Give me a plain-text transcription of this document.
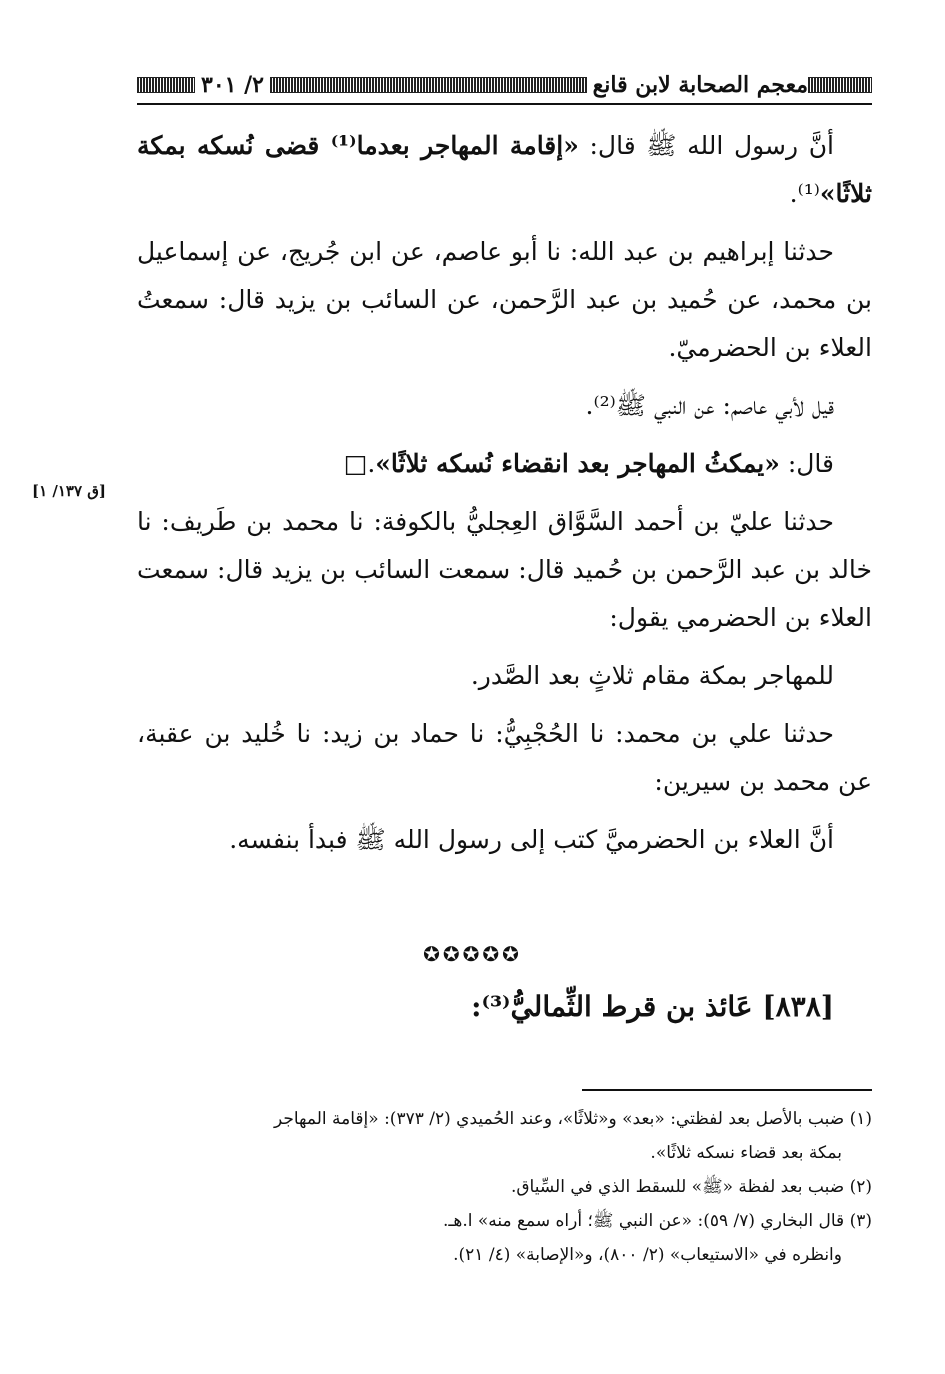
معجم الصحابة لابن قانع
٢/ ٣٠١

أنَّ رسول الله ﷺ قال: «إقامة المهاجر بعدما⁽¹⁾ قضى نُسكه بمكة ثلاثًا»⁽¹⁾.

حدثنا إبراهيم بن عبد الله: نا أبو عاصم، عن ابن جُريج، عن إسماعيل بن محمد، عن حُميد بن عبد الرَّحمن، عن السائب بن يزيد قال: سمعتُ العلاء بن الحضرميّ.

قيل لأبي عاصم: عن النبي ﷺ⁽²⁾.

قال: «يمكثُ المهاجر بعد انقضاء نُسكه ثلاثًا».□

حدثنا عليّ بن أحمد السَّوَّاق العِجليُّ بالكوفة: نا محمد بن طَريف: نا خالد بن عبد الرَّحمن بن حُميد قال: سمعت السائب بن يزيد قال: سمعت العلاء بن الحضرمي يقول:

للمهاجر بمكة مقام ثلاثٍ بعد الصَّدر.

حدثنا علي بن محمد: نا الحُجْبِيُّ: نا حماد بن زيد: نا خُليد بن عقبة، عن محمد بن سيرين:

أنَّ العلاء بن الحضرميَّ كتب إلى رسول الله ﷺ فبدأ بنفسه.

[ق ١٣٧/ ١]
✪✪✪✪✪
[٨٣٨] عَائذ بن قرط الثِّماليُّ⁽³⁾:

(١) ضبب بالأصل بعد لفظتي: «بعد» و«ثلاثًا»، وعند الحُميدي (٢/ ٣٧٣): «إقامة المهاجر

بمكة بعد قضاء نسكه ثلاثًا».

(٢) ضبب بعد لفظة «ﷺ» للسقط الذي في السِّياق.

(٣) قال البخاري (٧/ ٥٩): «عن النبي ﷺ؛ أراه سمع منه» ا.هـ.

وانظره في «الاستيعاب» (٢/ ٨٠٠)، و«الإصابة» (٤/ ٢١).
